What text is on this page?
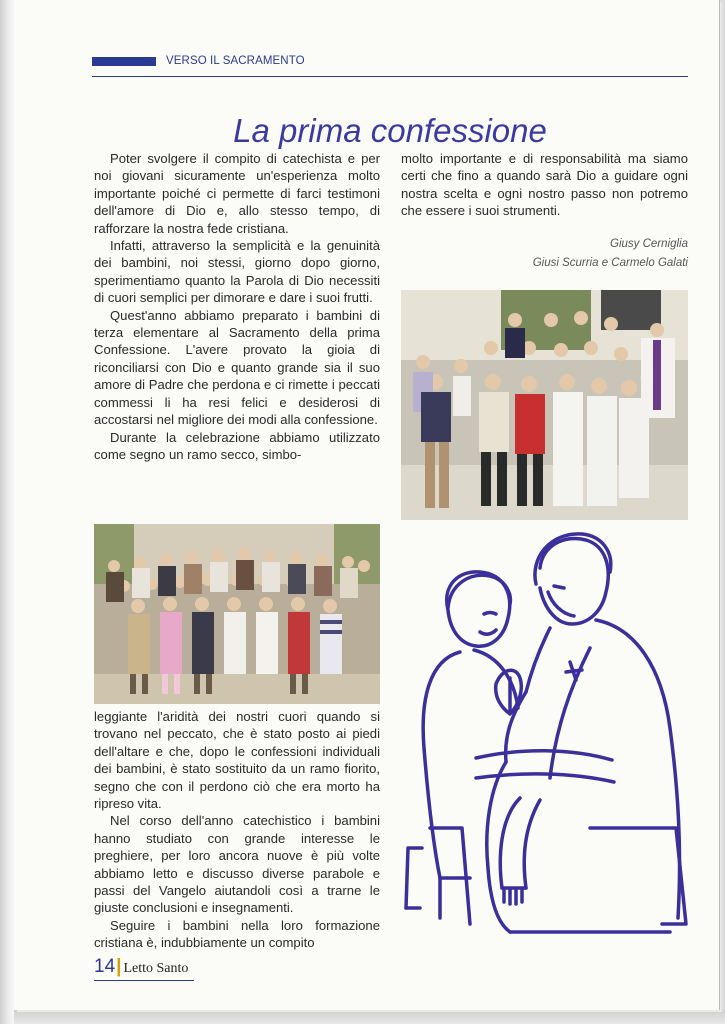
VERSO IL SACRAMENTO
La prima confessione

Poter svolgere il compito di catechista e per noi giovani sicuramente un'esperienza molto importante poiché ci permette di farci testimoni dell'amore di Dio e, allo stesso tempo, di rafforzare la nostra fede cristiana.

Infatti, attraverso la semplicità e la genuinità dei bambini, noi stessi, giorno dopo giorno, sperimentiamo quanto la Parola di Dio necessiti di cuori semplici per dimorare e dare i suoi frutti.

Quest'anno abbiamo preparato i bambini di terza elementare al Sacramento della prima Confessione. L'avere provato la gioia di riconciliarsi con Dio e quanto grande sia il suo amore di Padre che perdona e ci rimette i peccati commessi li ha resi felici e desiderosi di accostarsi nel migliore dei modi alla confessione.

Durante la celebrazione abbiamo utilizzato come segno un ramo secco, simbo-

leggiante l'aridità dei nostri cuori quando si trovano nel peccato, che è stato posto ai piedi dell'altare e che, dopo le confessioni individuali dei bambini, è stato sostituito da un ramo fiorito, segno che con il perdono ciò che era morto ha ripreso vita.

Nel corso dell'anno catechistico i bambini hanno studiato con grande interesse le preghiere, per loro ancora nuove è più volte abbiamo letto e discusso diverse parabole e passi del Vangelo aiutandoli così a trarne le giuste conclusioni e insegnamenti.

Seguire i bambini nella loro formazione cristiana è, indubbiamente un compito

molto importante e di responsabilità ma siamo certi che fino a quando sarà Dio a guidare ogni nostra scelta e ogni nostro passo non potremo che essere i suoi strumenti.

Giusy Cerniglia
Giusi Scurria e Carmelo Galati
14 | Letto Santo
